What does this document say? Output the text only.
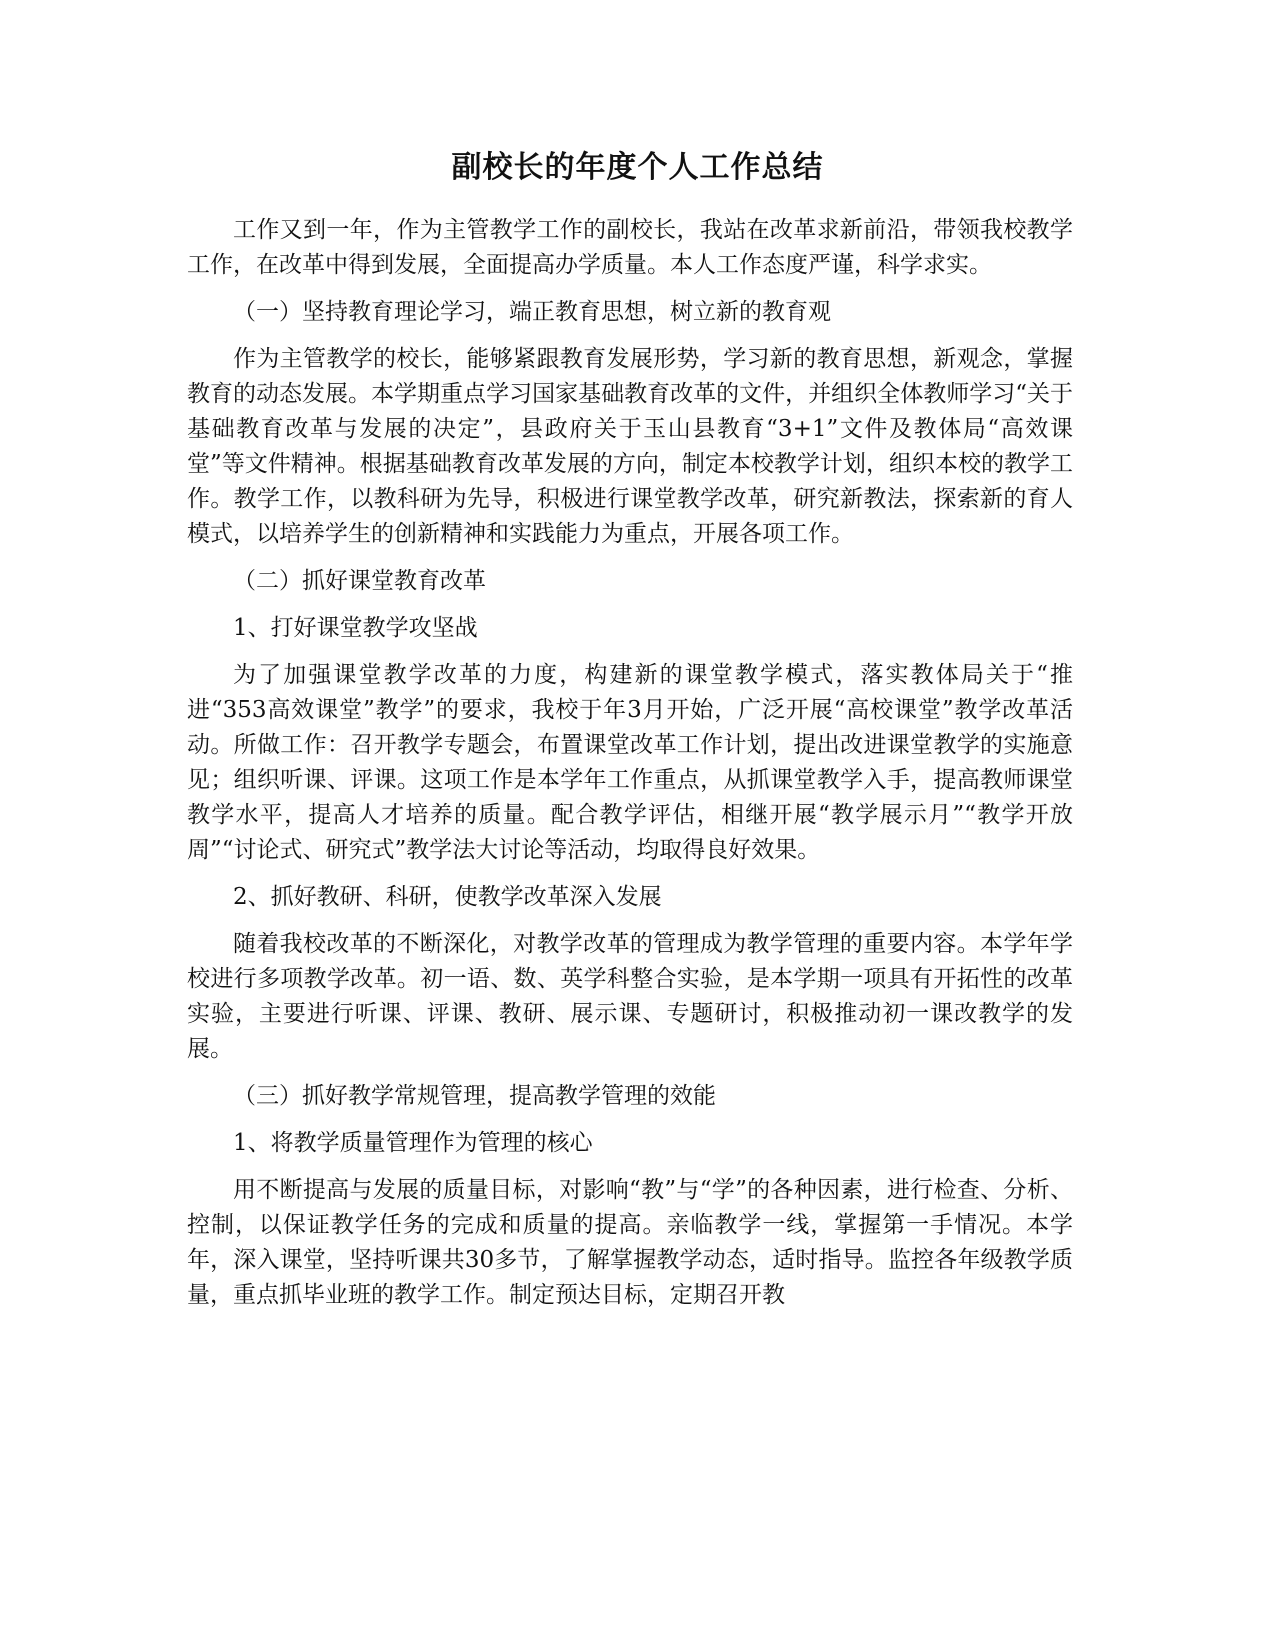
副校长的年度个人工作总结

工作又到一年，作为主管教学工作的副校长，我站在改革求新前沿，带领我校教学工作，在改革中得到发展，全面提高办学质量。本人工作态度严谨，科学求实。

（一）坚持教育理论学习，端正教育思想，树立新的教育观

作为主管教学的校长，能够紧跟教育发展形势，学习新的教育思想，新观念，掌握教育的动态发展。本学期重点学习国家基础教育改革的文件，并组织全体教师学习“关于基础教育改革与发展的决定”，县政府关于玉山县教育“3+1”文件及教体局“高效课堂”等文件精神。根据基础教育改革发展的方向，制定本校教学计划，组织本校的教学工作。教学工作，以教科研为先导，积极进行课堂教学改革，研究新教法，探索新的育人模式，以培养学生的创新精神和实践能力为重点，开展各项工作。

（二）抓好课堂教育改革

1、打好课堂教学攻坚战

为了加强课堂教学改革的力度，构建新的课堂教学模式，落实教体局关于“推进“353高效课堂”教学”的要求，我校于年3月开始，广泛开展“高校课堂”教学改革活动。所做工作：召开教学专题会，布置课堂改革工作计划，提出改进课堂教学的实施意见；组织听课、评课。这项工作是本学年工作重点，从抓课堂教学入手，提高教师课堂教学水平，提高人才培养的质量。配合教学评估，相继开展“教学展示月”“教学开放周”“讨论式、研究式”教学法大讨论等活动，均取得良好效果。

2、抓好教研、科研，使教学改革深入发展

随着我校改革的不断深化，对教学改革的管理成为教学管理的重要内容。本学年学校进行多项教学改革。初一语、数、英学科整合实验，是本学期一项具有开拓性的改革实验，主要进行听课、评课、教研、展示课、专题研讨，积极推动初一课改教学的发展。

（三）抓好教学常规管理，提高教学管理的效能

1、将教学质量管理作为管理的核心

用不断提高与发展的质量目标，对影响“教”与“学”的各种因素，进行检查、分析、控制，以保证教学任务的完成和质量的提高。亲临教学一线，掌握第一手情况。本学年，深入课堂，坚持听课共30多节，了解掌握教学动态，适时指导。监控各年级教学质量，重点抓毕业班的教学工作。制定预达目标，定期召开教
